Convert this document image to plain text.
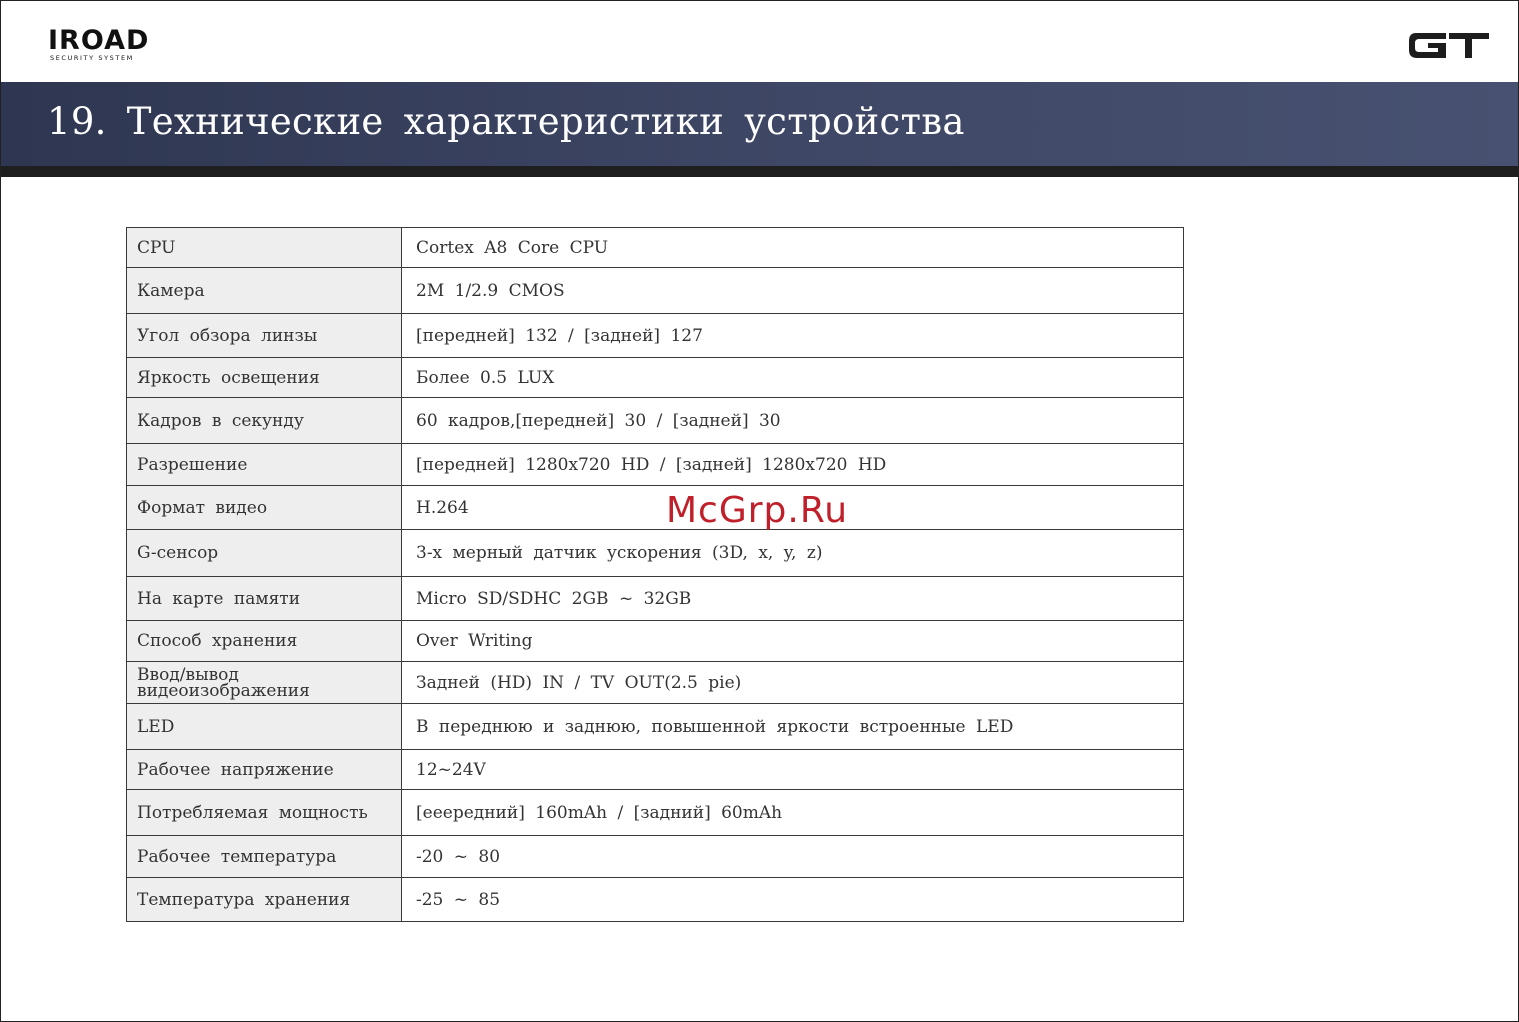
IROAD
SECURITY SYSTEM
19. Технические характеристики устройства
CPU	Cortex A8 Core CPU
Камера	2M 1/2.9 CMOS
Угол обзора линзы	[передней] 132 / [задней] 127
Яркость освещения	Более 0.5 LUX
Кадров в секунду	60 кадров,[передней] 30 / [задней] 30
Разрешение	[передней] 1280x720 HD / [задней] 1280x720 HD
Формат видео	H.264
G-сенсор	3-х мерный датчик ускорения (3D, x, y, z)
На карте памяти	Micro SD/SDHC 2GB ~ 32GB
Способ хранения	Over Writing
Ввод/вывод видеоизображения	Задней (HD) IN / TV OUT(2.5 pie)
LED	В переднюю и заднюю, повышенной яркости встроенные LED
Рабочее напряжение	12~24V
Потребляемая мощность	[ееередний] 160mAh / [задний] 60mAh
Рабочее температура	-20 ~ 80
Температура хранения	-25 ~ 85
McGrp.Ru
